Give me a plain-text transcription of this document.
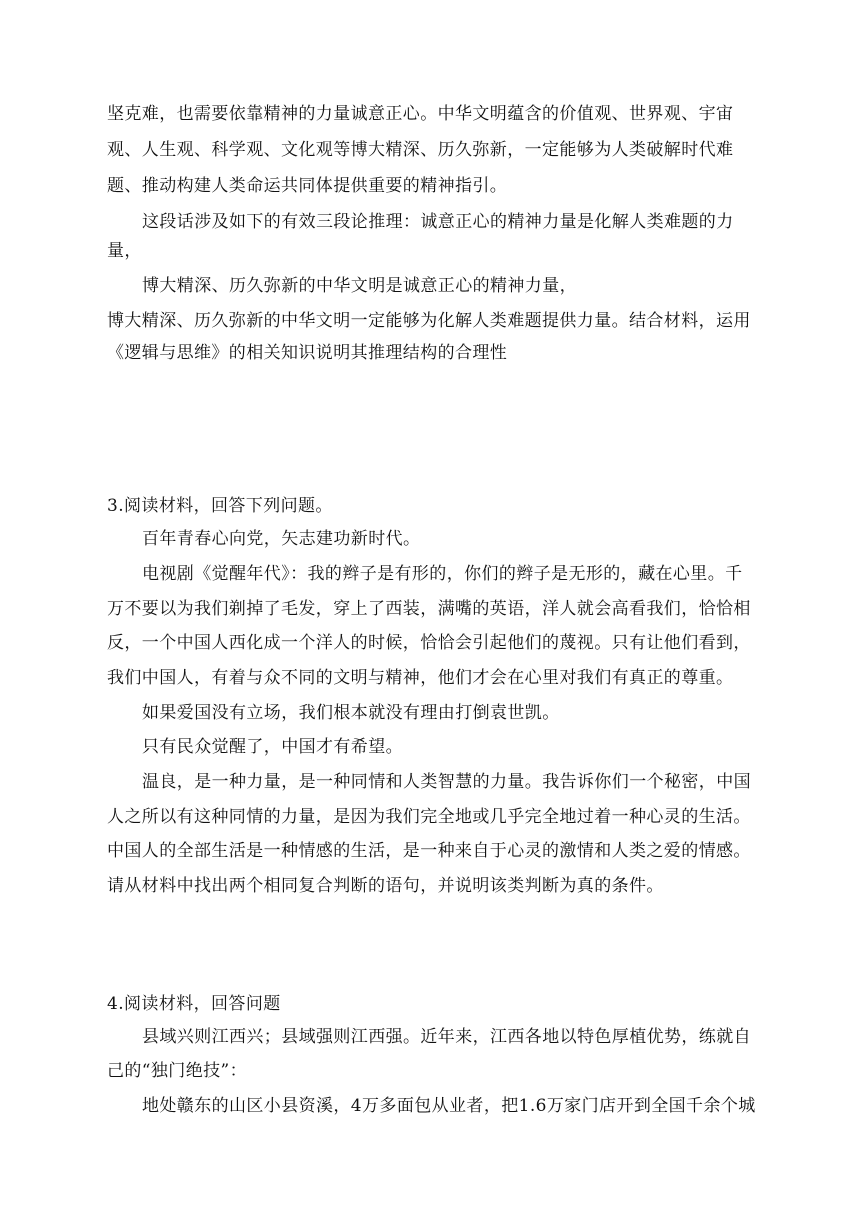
坚克难，也需要依靠精神的力量诚意正心。中华文明蕴含的价值观、世界观、宇宙
观、人生观、科学观、文化观等博大精深、历久弥新，一定能够为人类破解时代难
题、推动构建人类命运共同体提供重要的精神指引。
这段话涉及如下的有效三段论推理：诚意正心的精神力量是化解人类难题的力
量，
博大精深、历久弥新的中华文明是诚意正心的精神力量，
博大精深、历久弥新的中华文明一定能够为化解人类难题提供力量。结合材料，运用
《逻辑与思维》的相关知识说明其推理结构的合理性
3.阅读材料，回答下列问题。
百年青春心向党，矢志建功新时代。
电视剧《觉醒年代》：我的辫子是有形的，你们的辫子是无形的，藏在心里。千
万不要以为我们剃掉了毛发，穿上了西装，满嘴的英语，洋人就会高看我们，恰恰相
反，一个中国人西化成一个洋人的时候，恰恰会引起他们的蔑视。只有让他们看到，
我们中国人，有着与众不同的文明与精神，他们才会在心里对我们有真正的尊重。
如果爱国没有立场，我们根本就没有理由打倒袁世凯。
只有民众觉醒了，中国才有希望。
温良，是一种力量，是一种同情和人类智慧的力量。我告诉你们一个秘密，中国
人之所以有这种同情的力量，是因为我们完全地或几乎完全地过着一种心灵的生活。
中国人的全部生活是一种情感的生活，是一种来自于心灵的激情和人类之爱的情感。
请从材料中找出两个相同复合判断的语句，并说明该类判断为真的条件。
4.阅读材料，回答问题
县域兴则江西兴；县域强则江西强。近年来，江西各地以特色厚植优势，练就自
己的“独门绝技”：
地处赣东的山区小县资溪，4万多面包从业者，把1.6万家门店开到全国千余个城
